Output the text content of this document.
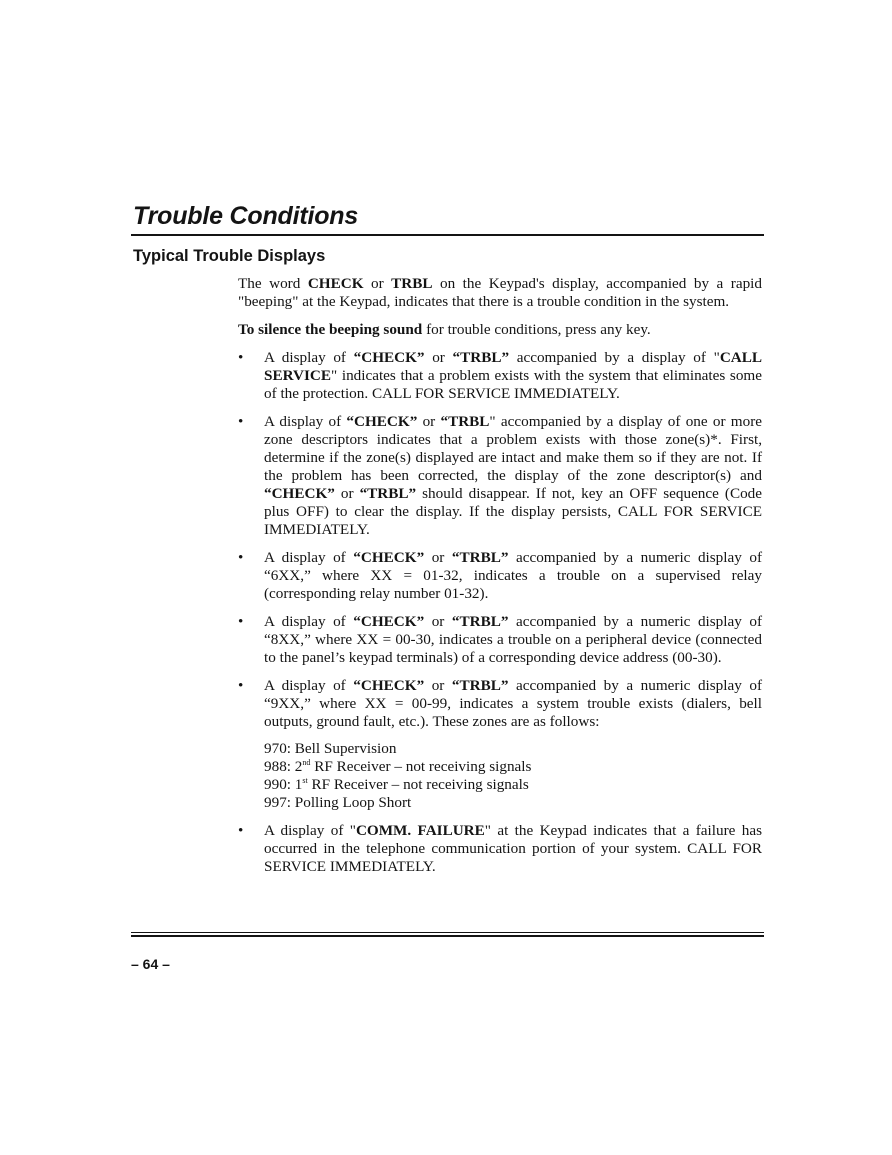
Trouble Conditions
Typical Trouble Displays

The word CHECK or TRBL on the Keypad's display, accompanied by a rapid "beeping" at the Keypad, indicates that there is a trouble condition in the system.

To silence the beeping sound for trouble conditions, press any key.

•	A display of “CHECK” or “TRBL” accompanied by a display of "CALL SERVICE" indicates that a problem exists with the system that eliminates some of the protection. CALL FOR SERVICE IMMEDIATELY.

•	A display of “CHECK” or “TRBL" accompanied by a display of one or more zone descriptors indicates that a problem exists with those zone(s)*. First, determine if the zone(s) displayed are intact and make them so if they are not. If the problem has been corrected, the display of the zone descriptor(s) and “CHECK” or “TRBL” should disappear. If not, key an OFF sequence (Code plus OFF) to clear the display. If the display persists, CALL FOR SERVICE IMMEDIATELY.

•	A display of “CHECK” or “TRBL” accompanied by a numeric display of “6XX,” where XX = 01-32, indicates a trouble on a supervised relay (corresponding relay number 01-32).

•	A display of “CHECK” or “TRBL” accompanied by a numeric display of “8XX,” where XX = 00-30, indicates a trouble on a peripheral device (connected to the panel’s keypad terminals) of a corresponding device address (00-30).

•	A display of “CHECK” or “TRBL” accompanied by a numeric display of “9XX,” where XX = 00-99, indicates a system trouble exists (dialers, bell outputs, ground fault, etc.). These zones are as follows:

970: Bell Supervision
988: 2nd RF Receiver – not receiving signals
990: 1st RF Receiver – not receiving signals
997: Polling Loop Short
•	A display of "COMM. FAILURE" at the Keypad indicates that a failure has occurred in the telephone communication portion of your system. CALL FOR SERVICE IMMEDIATELY.

– 64 –
